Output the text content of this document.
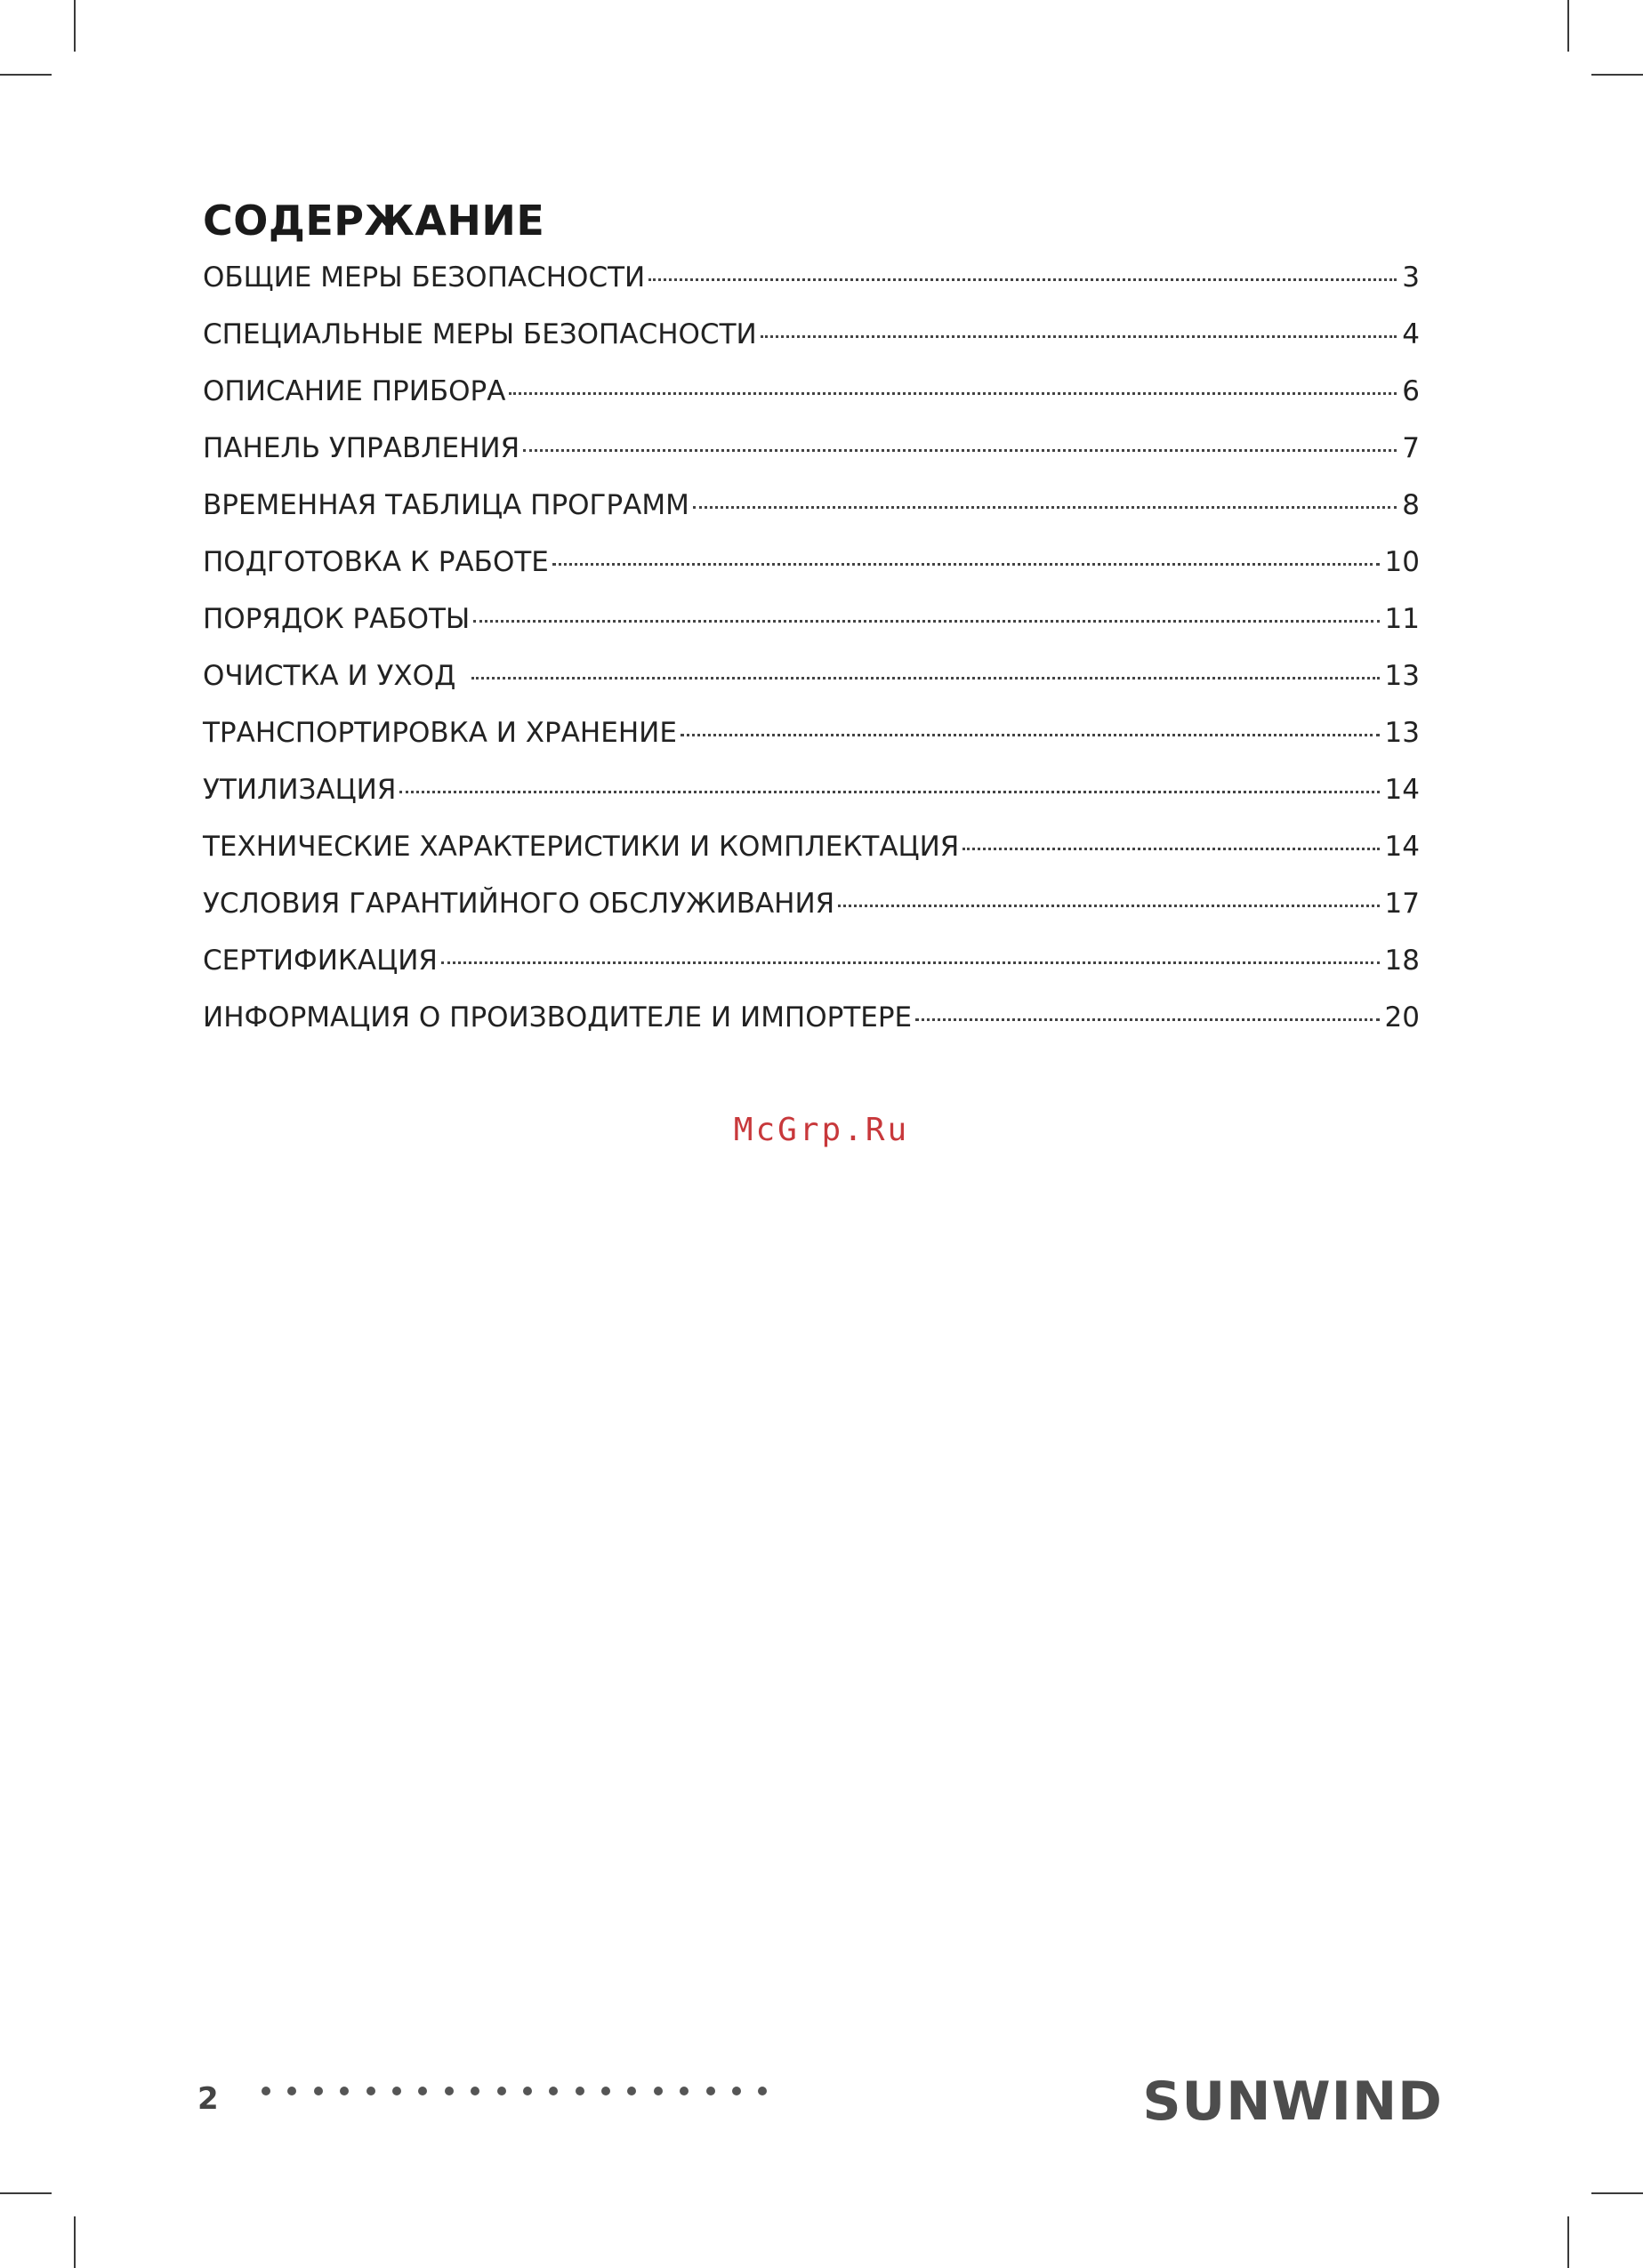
СОДЕРЖАНИЕ
ОБЩИЕ МЕРЫ БЕЗОПАСНОСТИ	3
СПЕЦИАЛЬНЫЕ МЕРЫ БЕЗОПАСНОСТИ	4
ОПИСАНИЕ ПРИБОРА	6
ПАНЕЛЬ УПРАВЛЕНИЯ	7
ВРЕМЕННАЯ ТАБЛИЦА ПРОГРАММ	8
ПОДГОТОВКА К РАБОТЕ	10
ПОРЯДОК РАБОТЫ	11
ОЧИСТКА И УХОД	13
ТРАНСПОРТИРОВКА И ХРАНЕНИЕ	13
УТИЛИЗАЦИЯ	14
ТЕХНИЧЕСКИЕ ХАРАКТЕРИСТИКИ И КОМПЛЕКТАЦИЯ	14
УСЛОВИЯ ГАРАНТИЙНОГО ОБСЛУЖИВАНИЯ	17
СЕРТИФИКАЦИЯ	18
ИНФОРМАЦИЯ О ПРОИЗВОДИТЕЛЕ И ИМПОРТЕРЕ	20
McGrp.Ru
2	SUNWIND
